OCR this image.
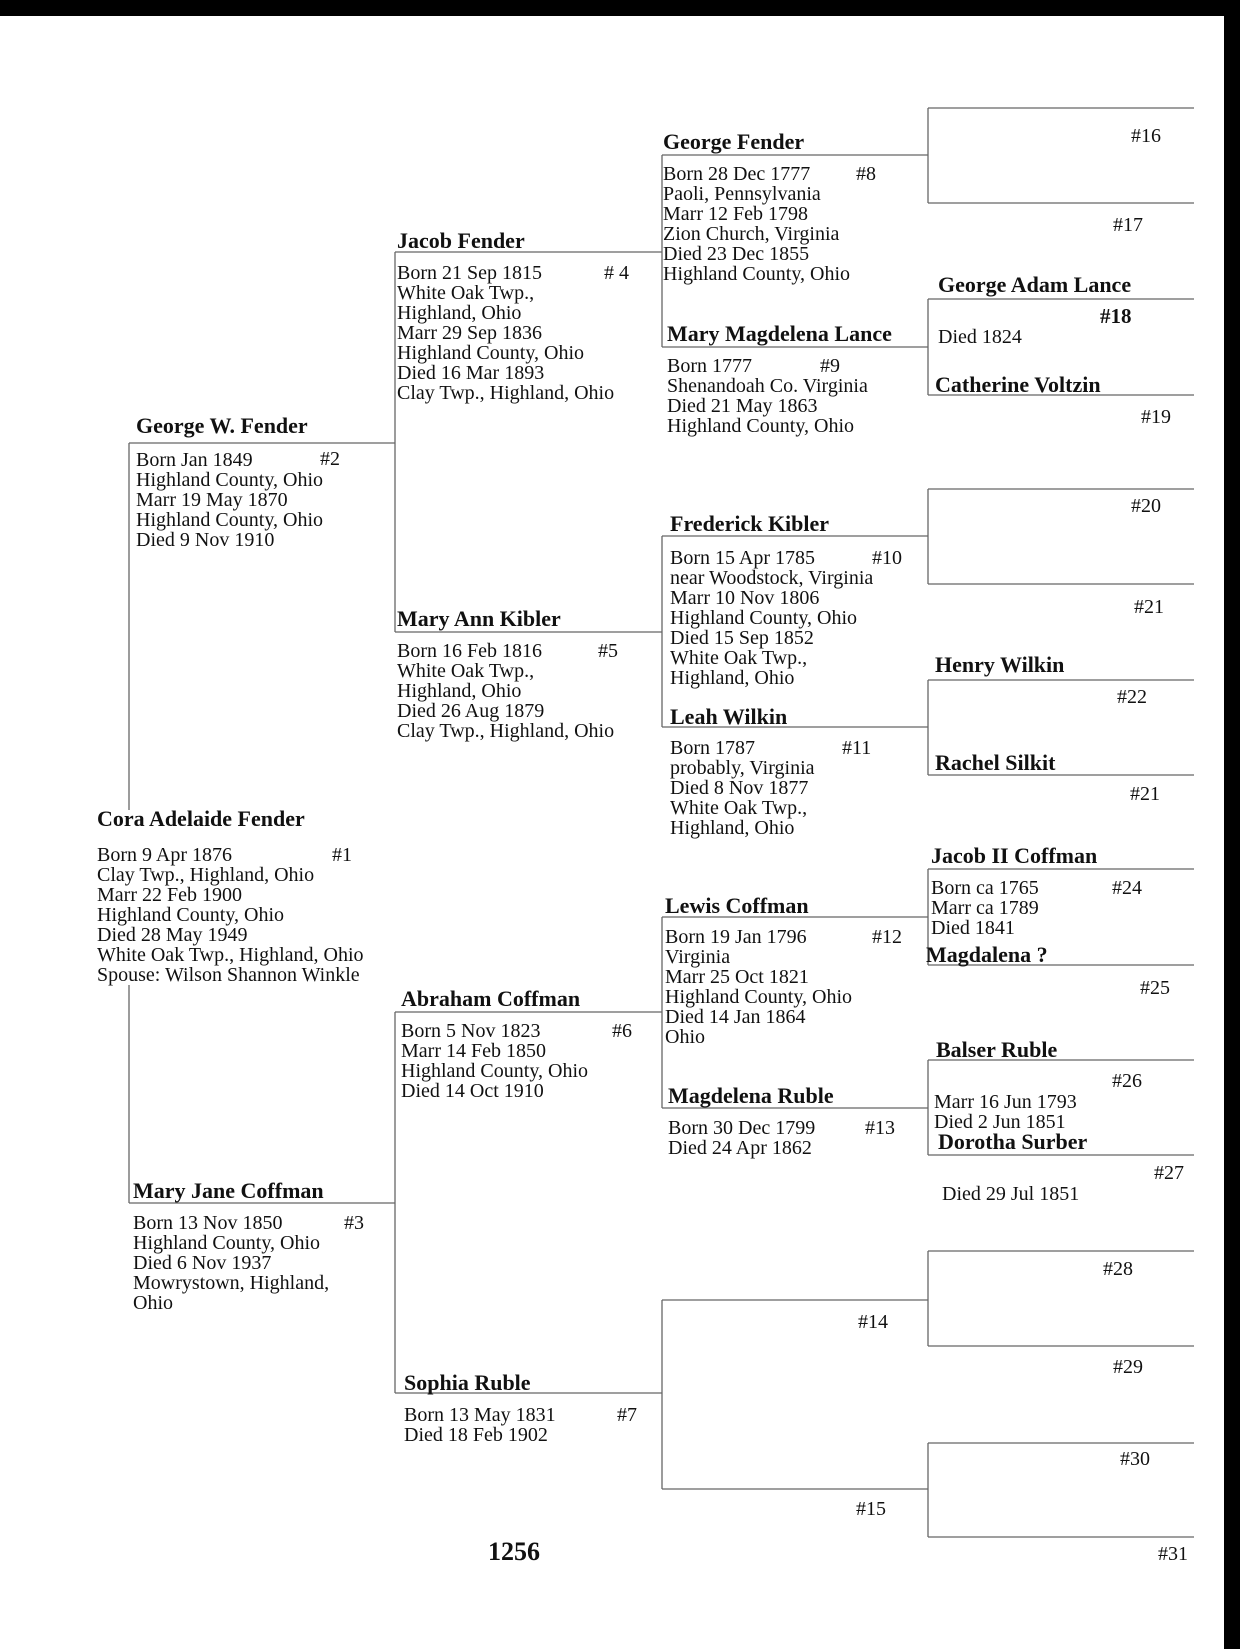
Cora Adelaide Fender
#1
Born 9 Apr 1876
Clay Twp., Highland, Ohio
Marr 22 Feb 1900
Highland County, Ohio
Died 28 May 1949
White Oak Twp., Highland, Ohio
Spouse: Wilson Shannon Winkle
George W. Fender
#2
Born Jan 1849
Highland County, Ohio
Marr 19 May 1870
Highland County, Ohio
Died 9 Nov 1910
Mary Jane Coffman
#3
Born 13 Nov 1850
Highland County, Ohio
Died 6 Nov 1937
Mowrystown, Highland,
Ohio
Jacob Fender
# 4
Born 21 Sep 1815
White Oak Twp.,
Highland, Ohio
Marr 29 Sep 1836
Highland County, Ohio
Died 16 Mar 1893
Clay Twp., Highland, Ohio
Mary Ann Kibler
#5
Born 16 Feb 1816
White Oak Twp.,
Highland, Ohio
Died 26 Aug 1879
Clay Twp., Highland, Ohio
Abraham Coffman
#6
Born 5 Nov 1823
Marr 14 Feb 1850
Highland County, Ohio
Died 14 Oct 1910
Sophia Ruble
#7
Born 13 May 1831
Died 18 Feb 1902
George Fender
#8
Born 28 Dec 1777
Paoli, Pennsylvania
Marr 12 Feb 1798
Zion Church, Virginia
Died 23 Dec 1855
Highland County, Ohio
Mary Magdelena Lance
#9
Born 1777
Shenandoah Co. Virginia
Died 21 May 1863
Highland County, Ohio
Frederick Kibler
#10
Born 15 Apr 1785
near Woodstock, Virginia
Marr 10 Nov 1806
Highland County, Ohio
Died 15 Sep 1852
White Oak Twp.,
Highland, Ohio
Leah Wilkin
#11
Born 1787
probably, Virginia
Died 8 Nov 1877
White Oak Twp.,
Highland, Ohio
Lewis Coffman
#12
Born 19 Jan 1796
Virginia
Marr 25 Oct 1821
Highland County, Ohio
Died 14 Jan 1864
Ohio
Magdelena Ruble
#13
Born 30 Dec 1799
Died 24 Apr 1862
#14
#15
#16
#17
George Adam Lance
#18
Died 1824
Catherine Voltzin
#19
#20
#21
Henry Wilkin
#22
Rachel Silkit
#21
Jacob II Coffman
#24
Born ca 1765
Marr ca 1789
Died 1841
Magdalena ?
#25
Balser Ruble
#26
Marr 16 Jun 1793
Died 2 Jun 1851
Dorotha Surber
#27
Died 29 Jul 1851
#28
#29
#30
#31
1256
